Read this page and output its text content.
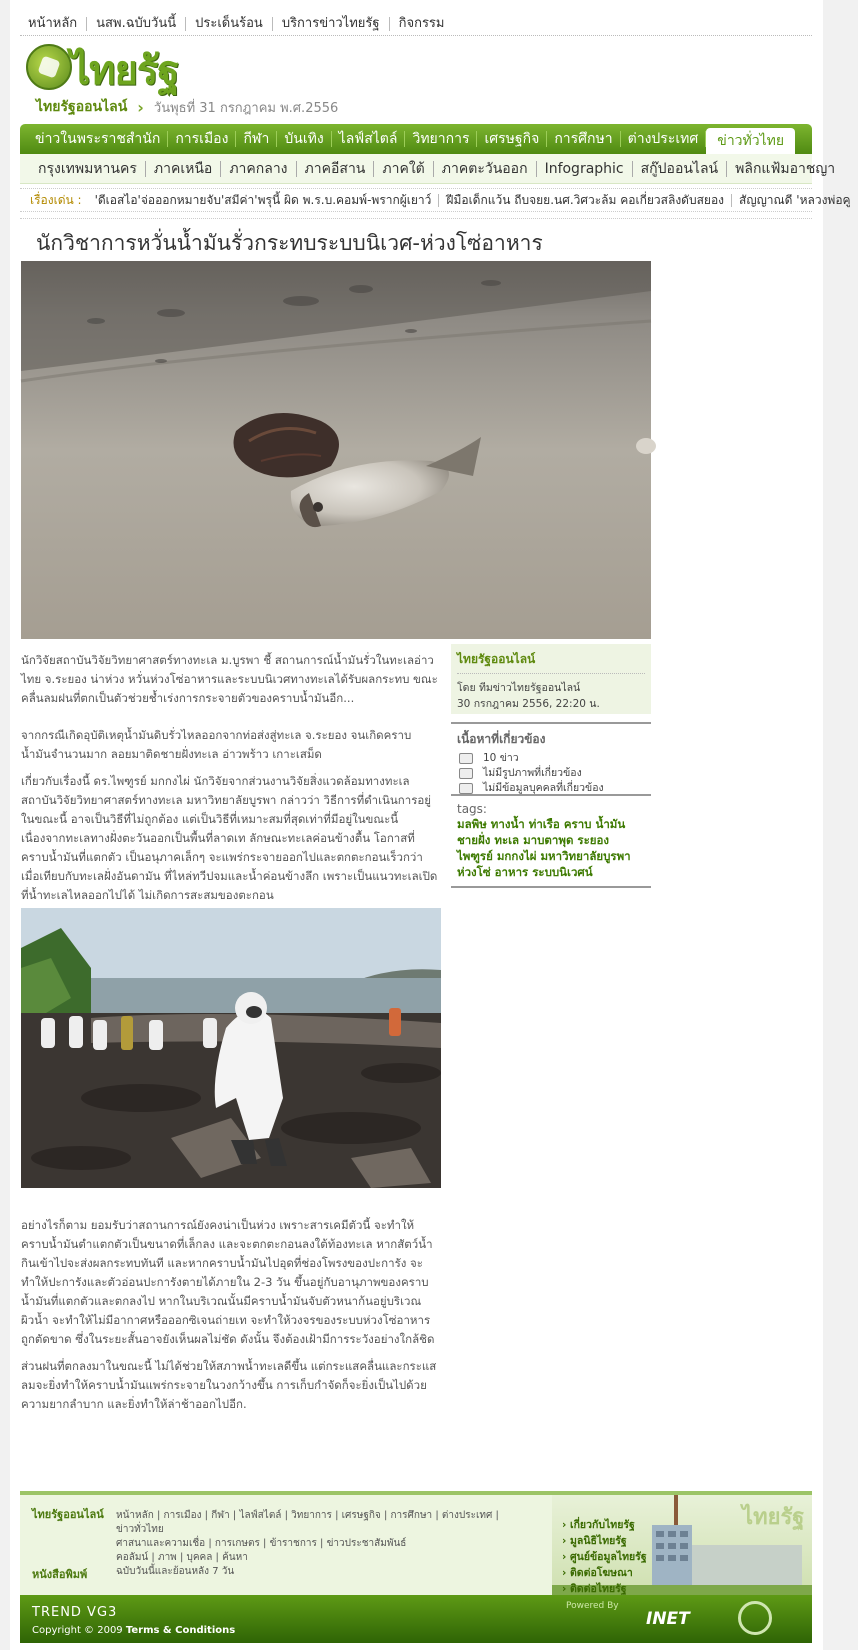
หน้าหลัก	นสพ.ฉบับวันนี้	ประเด็นร้อน	บริการข่าวไทยรัฐ	กิจกรรม
ไทยรัฐ
ไทยรัฐออนไลน์ › วันพุธที่ 31 กรกฎาคม พ.ศ.2556
ข่าวในพระราชสำนัก	การเมือง	กีฬา	บันเทิง	ไลฟ์สไตล์	วิทยาการ	เศรษฐกิจ	การศึกษา	ต่างประเทศ	ข่าวทั่วไทย
กรุงเทพมหานคร	ภาคเหนือ	ภาคกลาง	ภาคอีสาน	ภาคใต้	ภาคตะวันออก	Infographic	สกู๊ปออนไลน์	พลิกแฟ้มอาชญา
เรื่องเด่น :	'ดีเอสไอ'จ่อออกหมายจับ'สมีค่า'พรุนี้ ผิด พ.ร.บ.คอมพ์-พรากผู้เยาว์	ฝีมือเด็กแว้น ถีบจยย.นศ.วิศวะล้ม คอเกี่ยวสลิงดับสยอง	สัญญาณดี 'หลวงพ่อคู
นักวิชาการหวั่นน้ำมันรั่วกระทบระบบนิเวศ-ห่วงโซ่อาหาร

นักวิจัยสถาบันวิจัยวิทยาศาสตร์ทางทะเล ม.บูรพา ชี้ สถานการณ์น้ำมันรั่วในทะเลอ่าวไทย จ.ระยอง น่าห่วง หวั่นห่วงโซ่อาหารและระบบนิเวศทางทะเลได้รับผลกระทบ ขณะคลื่นลมฝนที่ตกเป็นตัวช่วยช้ำเร่งการกระจายตัวของคราบน้ำมันอีก...

จากกรณีเกิดอุบัติเหตุน้ำมันดิบรั่วไหลออกจากท่อส่งสู่ทะเล จ.ระยอง จนเกิดคราบน้ำมันจำนวนมาก ลอยมาติดชายฝั่งทะเล อ่าวพร้าว เกาะเสม็ด

เกี่ยวกับเรื่องนี้ ดร.ไพฑูรย์ มกกงไผ่ นักวิจัยจากส่วนงานวิจัยสิ่งแวดล้อมทางทะเล สถาบันวิจัยวิทยาศาสตร์ทางทะเล มหาวิทยาลัยบูรพา กล่าวว่า วิธีการที่ดำเนินการอยู่ในขณะนี้ อาจเป็นวิธีที่ไม่ถูกต้อง แต่เป็นวิธีที่เหมาะสมที่สุดเท่าที่มีอยู่ในขณะนี้ เนื่องจากทะเลทางฝั่งตะวันออกเป็นพื้นที่ลาดเท ลักษณะทะเลค่อนข้างตื้น โอกาสที่คราบน้ำมันที่แตกตัว เป็นอนุภาคเล็กๆ จะแพร่กระจายออกไปและตกตะกอนเร็วกว่า เมื่อเทียบกับทะเลฝั่งอันดามัน ที่ไหล่ทวีปจมและน้ำค่อนข้างลึก เพราะเป็นแนวทะเลเปิดที่น้ำทะเลไหลออกไปได้ ไม่เกิดการสะสมของตะกอน

อย่างไรก็ตาม ยอมรับว่าสถานการณ์ยังคงน่าเป็นห่วง เพราะสารเคมีตัวนี้ จะทำให้คราบน้ำมันตำแตกตัวเป็นขนาดที่เล็กลง และจะตกตะกอนลงใต้ท้องทะเล หากสัตว์น้ำกินเข้าไปจะส่งผลกระทบทันที และหากคราบน้ำมันไปอุดที่ช่องโพรงของปะการัง จะทำให้ปะการังและตัวอ่อนปะการังตายได้ภายใน 2-3 วัน ขึ้นอยู่กับอานุภาพของคราบน้ำมันที่แตกตัวและตกลงไป หากในบริเวณนั้นมีคราบน้ำมันจับตัวหนาก้นอยู่บริเวณผิวน้ำ จะทำให้ไม่มีอากาศหรือออกซิเจนถ่ายเท จะทำให้วงจรของระบบห่วงโซ่อาหารถูกตัดขาด ซึ่งในระยะสั้นอาจยังเห็นผลไม่ชัด ดังนั้น จึงต้องเฝ้ามีการระวังอย่างใกล้ชิด

ส่วนฝนที่ตกลงมาในขณะนี้ ไม่ได้ช่วยให้สภาพน้ำทะเลดีขึ้น แต่กระแสคลื่นและกระแสลมจะยิ่งทำให้คราบน้ำมันแพร่กระจายในวงกว้างขึ้น การเก็บกำจัดก็จะยิ่งเป็นไปด้วยความยากลำบาก และยิ่งทำให้ล่าช้าออกไปอีก.

ไทยรัฐออนไลน์
โดย ทีมข่าวไทยรัฐออนไลน์
30 กรกฎาคม 2556, 22:20 น.
เนื้อหาที่เกี่ยวข้อง
10 ข่าว
ไม่มีรูปภาพที่เกี่ยวข้อง
ไม่มีข้อมูลบุคคลที่เกี่ยวข้อง
tags:
มลพิษ ทางน้ำ ท่าเรือ คราบ น้ำมัน ชายฝั่ง ทะเล มาบตาพุด ระยอง ไพฑูรย์ มกกงไผ่ มหาวิทยาลัยบูรพา ห่วงโซ่ อาหาร ระบบนิเวศน์
ไทยรัฐออนไลน์ หน้าหลัก | การเมือง | กีฬา | ไลฟ์สไตล์ | วิทยาการ | เศรษฐกิจ | การศึกษา | ต่างประเทศ | ข่าวทั่วไทย
ศาสนาและความเชื่อ | การเกษตร | ข้าราชการ | ข่าวประชาสัมพันธ์
คอลัมน์ | ภาพ | บุคคล | ค้นหา
ฉบับวันนี้และย้อนหลัง 7 วัน
หนังสือพิมพ์
ไทยรัฐ
› เกี่ยวกับไทยรัฐ
› มูลนิธิไทยรัฐ
› ศูนย์ข้อมูลไทยรัฐ
› ติดต่อโฆษณา
› ติดต่อไทยรัฐ
TREND VG3
Copyright © 2009 Terms & Conditions
Powered By
INET
